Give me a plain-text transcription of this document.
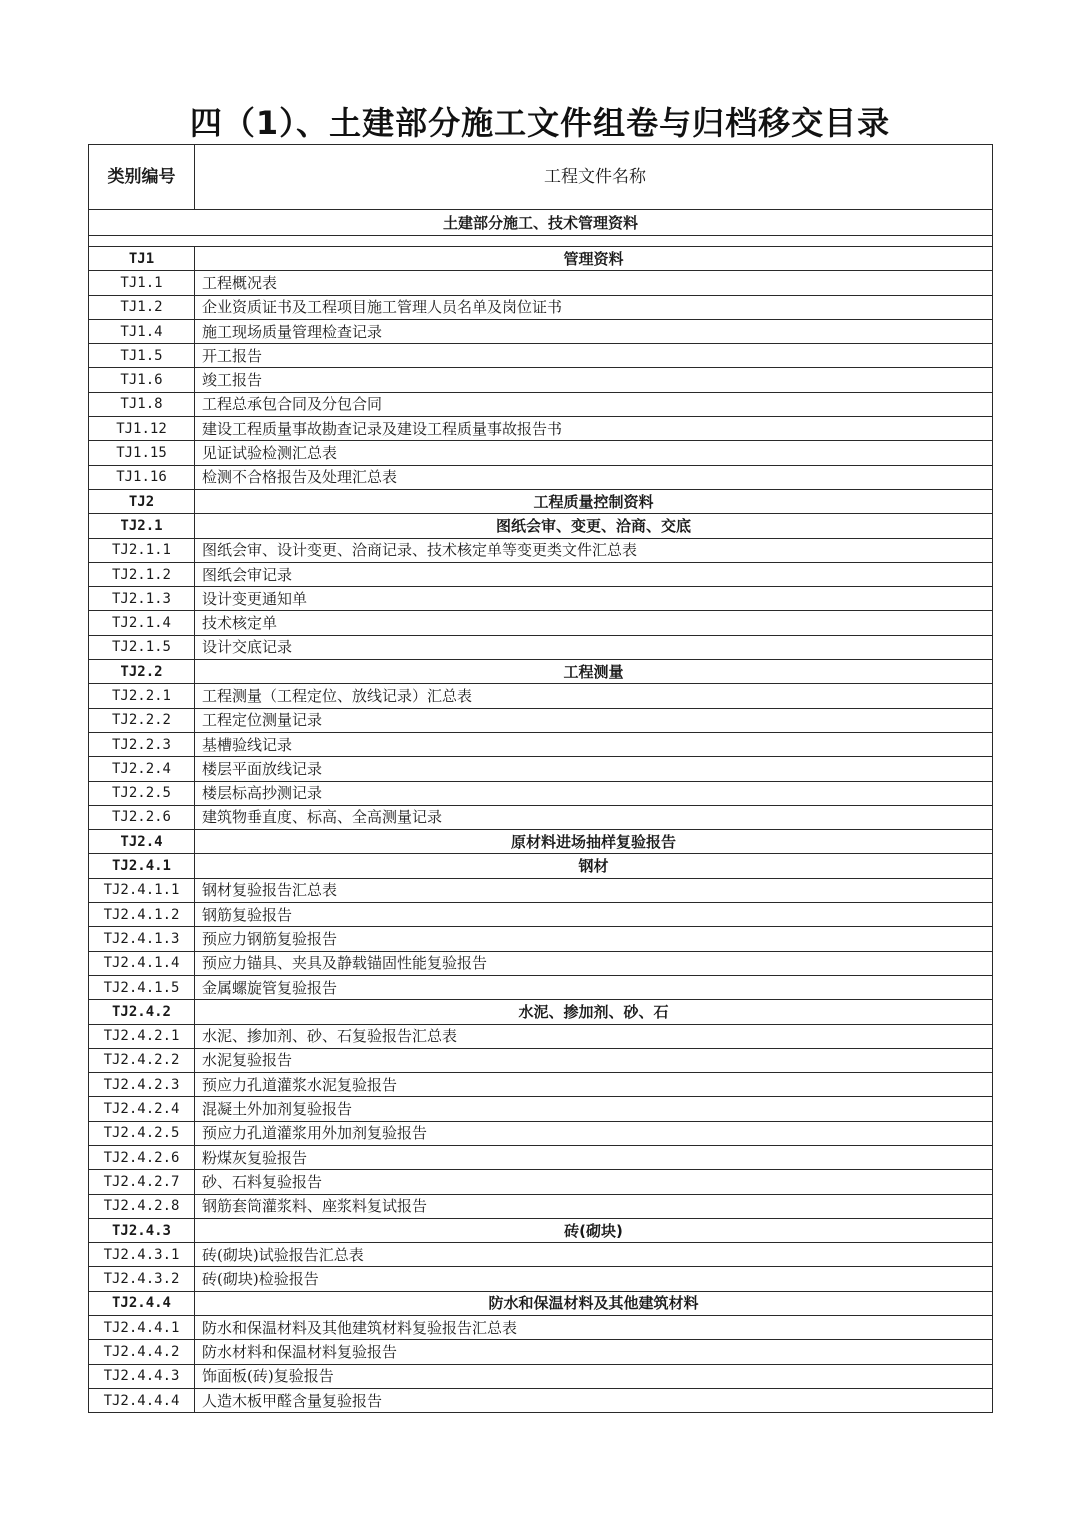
四（1）、土建部分施工文件组卷与归档移交目录
类别编号	工程文件名称
土建部分施工、技术管理资料	

TJ1	管理资料
TJ1.1	工程概况表
TJ1.2	企业资质证书及工程项目施工管理人员名单及岗位证书
TJ1.4	施工现场质量管理检查记录
TJ1.5	开工报告
TJ1.6	竣工报告
TJ1.8	工程总承包合同及分包合同
TJ1.12	建设工程质量事故勘查记录及建设工程质量事故报告书
TJ1.15	见证试验检测汇总表
TJ1.16	检测不合格报告及处理汇总表
TJ2	工程质量控制资料
TJ2.1	图纸会审、变更、洽商、交底
TJ2.1.1	图纸会审、设计变更、洽商记录、技术核定单等变更类文件汇总表
TJ2.1.2	图纸会审记录
TJ2.1.3	设计变更通知单
TJ2.1.4	技术核定单
TJ2.1.5	设计交底记录
TJ2.2	工程测量
TJ2.2.1	工程测量（工程定位、放线记录）汇总表
TJ2.2.2	工程定位测量记录
TJ2.2.3	基槽验线记录
TJ2.2.4	楼层平面放线记录
TJ2.2.5	楼层标高抄测记录
TJ2.2.6	建筑物垂直度、标高、全高测量记录
TJ2.4	原材料进场抽样复验报告
TJ2.4.1	钢材
TJ2.4.1.1	钢材复验报告汇总表
TJ2.4.1.2	钢筋复验报告
TJ2.4.1.3	预应力钢筋复验报告
TJ2.4.1.4	预应力锚具、夹具及静载锚固性能复验报告
TJ2.4.1.5	金属螺旋管复验报告
TJ2.4.2	水泥、掺加剂、砂、石
TJ2.4.2.1	水泥、掺加剂、砂、石复验报告汇总表
TJ2.4.2.2	水泥复验报告
TJ2.4.2.3	预应力孔道灌浆水泥复验报告
TJ2.4.2.4	混凝土外加剂复验报告
TJ2.4.2.5	预应力孔道灌浆用外加剂复验报告
TJ2.4.2.6	粉煤灰复验报告
TJ2.4.2.7	砂、石料复验报告
TJ2.4.2.8	钢筋套筒灌浆料、座浆料复试报告
TJ2.4.3	砖(砌块)
TJ2.4.3.1	砖(砌块)试验报告汇总表
TJ2.4.3.2	砖(砌块)检验报告
TJ2.4.4	防水和保温材料及其他建筑材料
TJ2.4.4.1	防水和保温材料及其他建筑材料复验报告汇总表
TJ2.4.4.2	防水材料和保温材料复验报告
TJ2.4.4.3	饰面板(砖)复验报告
TJ2.4.4.4	人造木板甲醛含量复验报告
